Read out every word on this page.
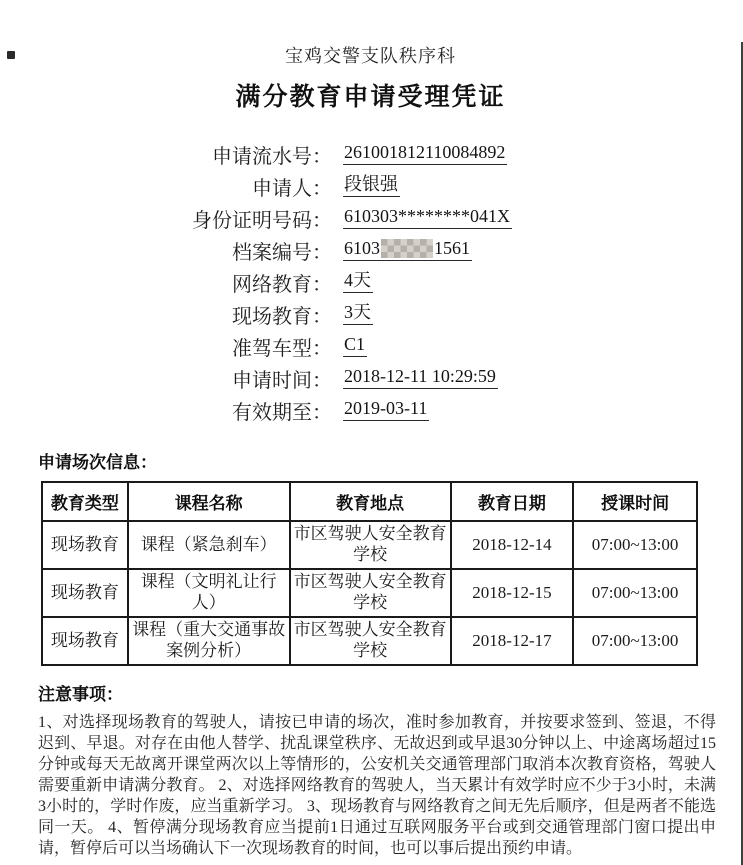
宝鸡交警支队秩序科
满分教育申请受理凭证
申请流水号： 261001812110084892
申请人： 段银强
身份证明号码： 610303********041X
档案编号： 6103	1561
网络教育： 4天
现场教育： 3天
准驾车型： C1
申请时间： 2018-12-11 10:29:59
有效期至： 2019-03-11
申请场次信息：
教育类型	课程名称	教育地点	教育日期	授课时间
现场教育	课程（紧急刹车）	市区驾驶人安全教育学校	2018-12-14	07:00~13:00
现场教育	课程（文明礼让行人）	市区驾驶人安全教育学校	2018-12-15	07:00~13:00
现场教育	课程（重大交通事故案例分析）	市区驾驶人安全教育学校	2018-12-17	07:00~13:00
注意事项：
1、对选择现场教育的驾驶人，请按已申请的场次，准时参加教育，并按要求签到、签退，不得迟到、早退。对存在由他人替学、扰乱课堂秩序、无故迟到或早退30分钟以上、中途离场超过15分钟或每天无故离开课堂两次以上等情形的，公安机关交通管理部门取消本次教育资格，驾驶人需要重新申请满分教育。 2、对选择网络教育的驾驶人，当天累计有效学时应不少于3小时，未满3小时的，学时作废，应当重新学习。 3、现场教育与网络教育之间无先后顺序，但是两者不能选同一天。 4、暂停满分现场教育应当提前1日通过互联网服务平台或到交通管理部门窗口提出申请，暂停后可以当场确认下一次现场教育的时间，也可以事后提出预约申请。
